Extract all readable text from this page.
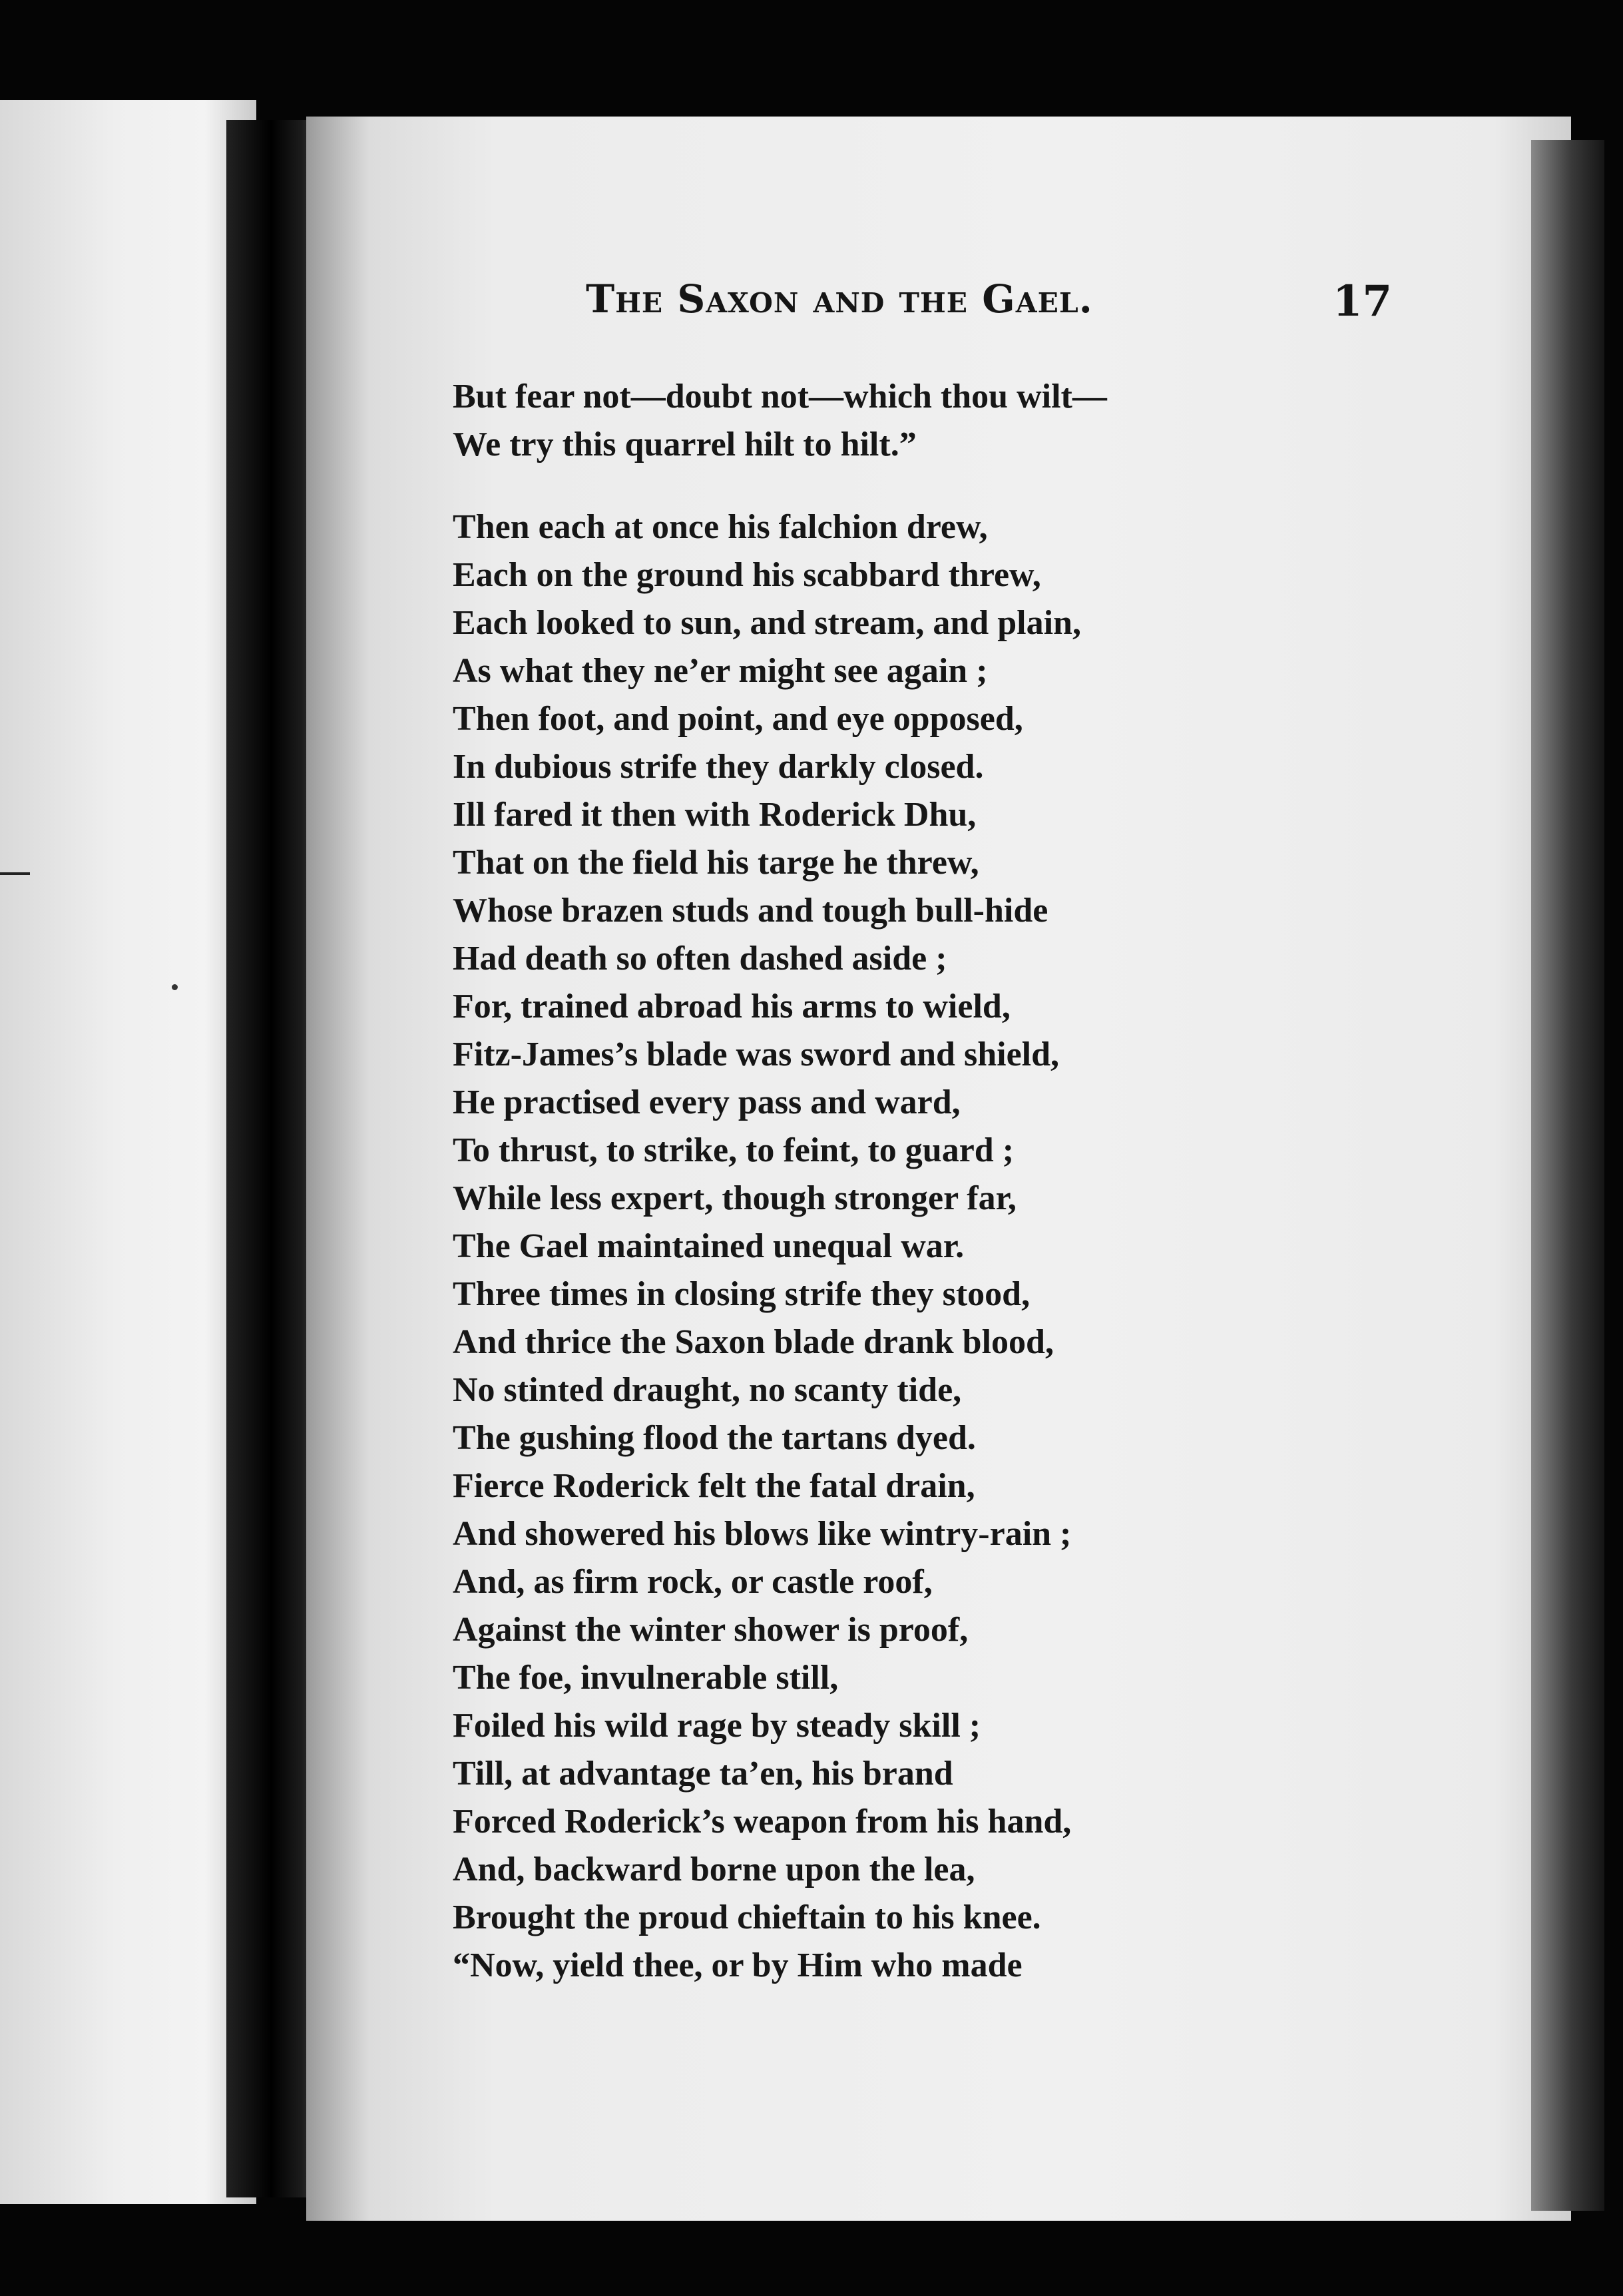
The Saxon and the Gael.	17
But fear not—doubt not—which thou wilt—
We try this quarrel hilt to hilt.”
Then each at once his falchion drew,
Each on the ground his scabbard threw,
Each looked to sun, and stream, and plain,
As what they ne’er might see again ;
Then foot, and point, and eye opposed,
In dubious strife they darkly closed.
Ill fared it then with Roderick Dhu,
That on the field his targe he threw,
Whose brazen studs and tough bull-hide
Had death so often dashed aside ;
For, trained abroad his arms to wield,
Fitz-James’s blade was sword and shield,
He practised every pass and ward,
To thrust, to strike, to feint, to guard ;
While less expert, though stronger far,
The Gael maintained unequal war.
Three times in closing strife they stood,
And thrice the Saxon blade drank blood,
No stinted draught, no scanty tide,
The gushing flood the tartans dyed.
Fierce Roderick felt the fatal drain,
And showered his blows like wintry-rain ;
And, as firm rock, or castle roof,
Against the winter shower is proof,
The foe, invulnerable still,
Foiled his wild rage by steady skill ;
Till, at advantage ta’en, his brand
Forced Roderick’s weapon from his hand,
And, backward borne upon the lea,
Brought the proud chieftain to his knee.
“Now, yield thee, or by Him who made
